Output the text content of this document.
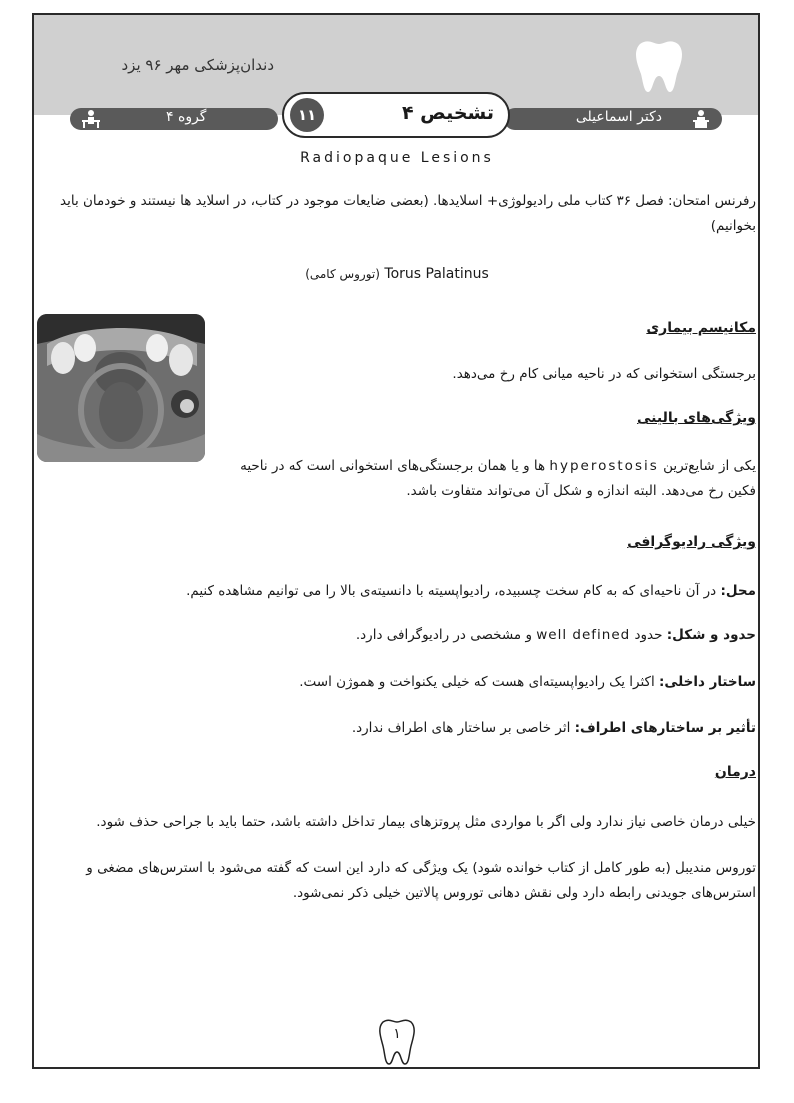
دندان‌پزشکی مهر ۹۶ یزد
گروه ۴	دکتر اسماعیلی
۱۱	تشخیص ۴
Radiopaque Lesions
رفرنس امتحان: فصل ۳۶ کتاب ملی رادیولوژی+ اسلایدها. (بعضی ضایعات موجود در کتاب، در اسلاید ها نیستند و خودمان باید بخوانیم)
Torus Palatinus (توروس کامی)
مکانیسم بیماری
برجستگی استخوانی که در ناحیه میانی کام رخ می‌دهد.
ویژگی‌های بالینی
یکی از شایع‌ترین hyperostosis ها و یا همان برجستگی‌های استخوانی است که در ناحیه فکین رخ می‌دهد. البته اندازه و شکل آن می‌تواند متفاوت باشد.
ویژگی رادیوگرافی
محل: در آن ناحیه‌ای که به کام سخت چسبیده، رادیواپسیته با دانسیته‌ی بالا را می توانیم مشاهده کنیم.
حدود و شکل: حدود well defined و مشخصی در رادیوگرافی دارد.
ساختار داخلی: اکثرا یک رادیواپسیته‌ای هست که خیلی یکنواخت و هموژن است.
تأثیر بر ساختارهای اطراف: اثر خاصی بر ساختار های اطراف ندارد.
درمان
خیلی درمان خاصی نیاز ندارد ولی اگر با مواردی مثل پروتزهای بیمار تداخل داشته باشد، حتما باید با جراحی حذف شود.
توروس مندیبل (به طور کامل از کتاب خوانده شود) یک ویژگی که دارد این است که گفته می‌شود با استرس‌های مضغی و استرس‌های جویدنی رابطه دارد ولی نقش دهانی توروس پالاتین خیلی ذکر نمی‌شود.
۱
